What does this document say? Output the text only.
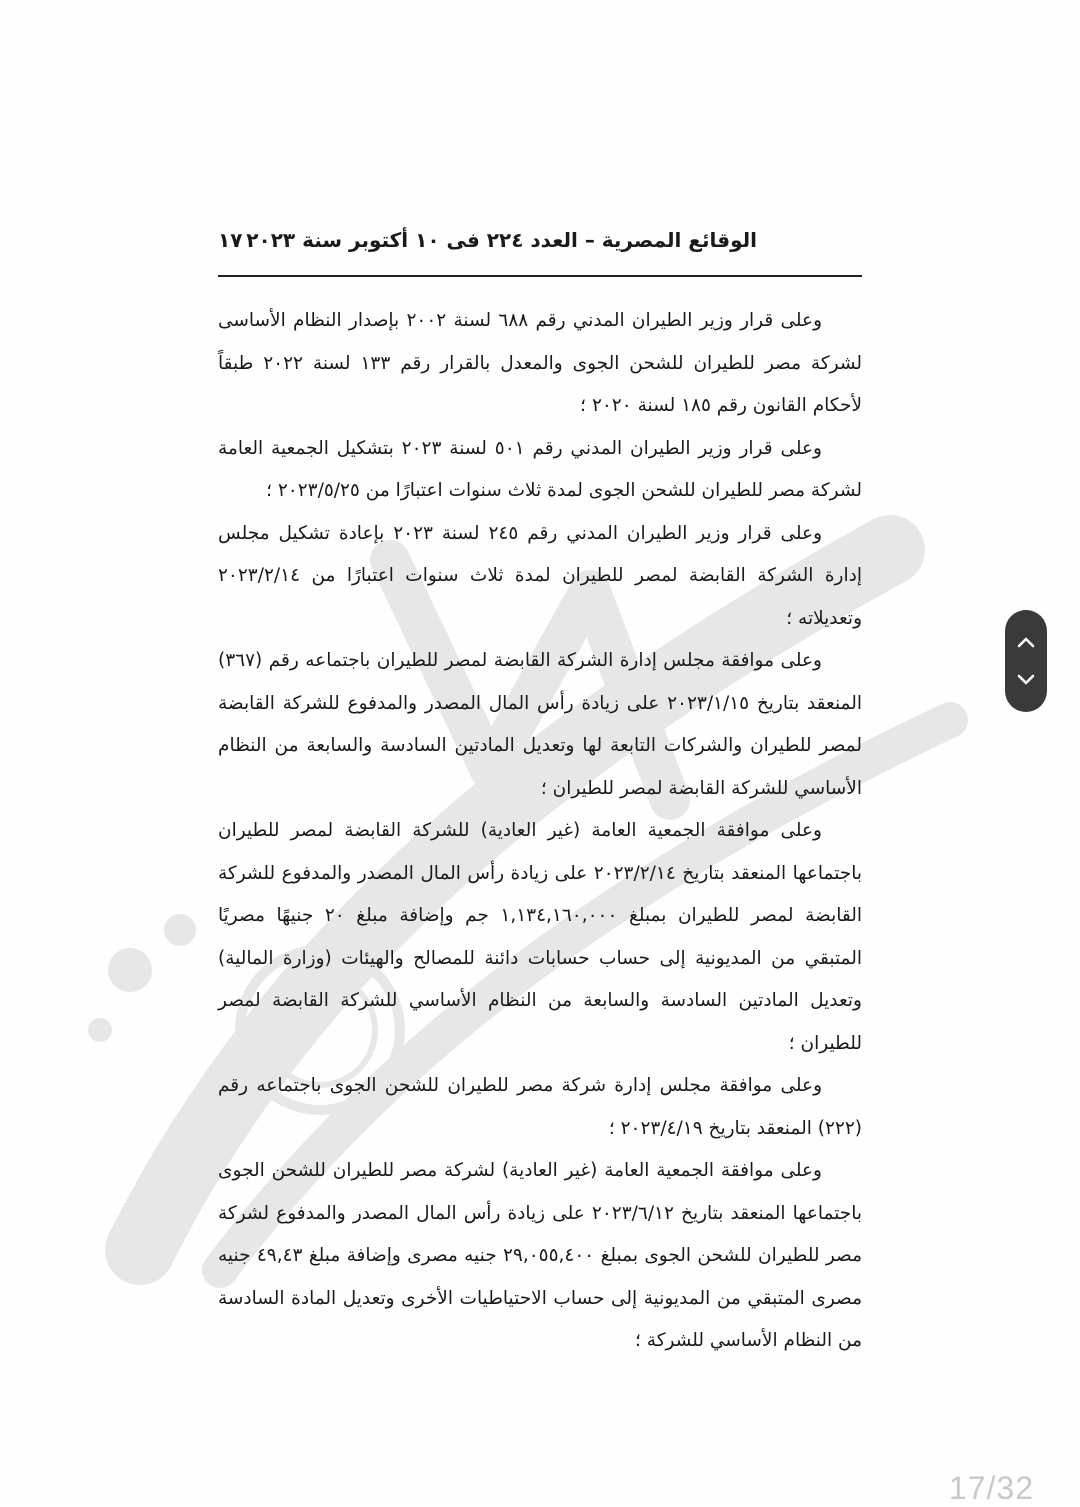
الوقائع المصرية – العدد ٢٢٤ فى ١٠ أكتوبر سنة ٢٠٢٣
١٧

وعلى قرار وزير الطيران المدني رقم ٦٨٨ لسنة ٢٠٠٢ بإصدار النظام الأساسى لشركة مصر للطيران للشحن الجوى والمعدل بالقرار رقم ١٣٣ لسنة ٢٠٢٢ طبقاً لأحكام القانون رقم ١٨٥ لسنة ٢٠٢٠ ؛

وعلى قرار وزير الطيران المدني رقم ٥٠١ لسنة ٢٠٢٣ بتشكيل الجمعية العامة لشركة مصر للطيران للشحن الجوى لمدة ثلاث سنوات اعتبارًا من ٢٠٢٣/٥/٢٥ ؛

وعلى قرار وزير الطيران المدني رقم ٢٤٥ لسنة ٢٠٢٣ بإعادة تشكيل مجلس إدارة الشركة القابضة لمصر للطيران لمدة ثلاث سنوات اعتبارًا من ٢٠٢٣/٢/١٤ وتعديلاته ؛

وعلى موافقة مجلس إدارة الشركة القابضة لمصر للطيران باجتماعه رقم (٣٦٧) المنعقد بتاريخ ٢٠٢٣/١/١٥ على زيادة رأس المال المصدر والمدفوع للشركة القابضة لمصر للطيران والشركات التابعة لها وتعديل المادتين السادسة والسابعة من النظام الأساسي للشركة القابضة لمصر للطيران ؛

وعلى موافقة الجمعية العامة (غير العادية) للشركة القابضة لمصر للطيران باجتماعها المنعقد بتاريخ ٢٠٢٣/٢/١٤ على زيادة رأس المال المصدر والمدفوع للشركة القابضة لمصر للطيران بمبلغ ١,١٣٤,١٦٠,٠٠٠ جم وإضافة مبلغ ٢٠ جنيهًا مصريًا المتبقي من المديونية إلى حساب حسابات دائنة للمصالح والهيئات (وزارة المالية) وتعديل المادتين السادسة والسابعة من النظام الأساسي للشركة القابضة لمصر للطيران ؛

وعلى موافقة مجلس إدارة شركة مصر للطيران للشحن الجوى باجتماعه رقم (٢٢٢) المنعقد بتاريخ ٢٠٢٣/٤/١٩ ؛

وعلى موافقة الجمعية العامة (غير العادية) لشركة مصر للطيران للشحن الجوى باجتماعها المنعقد بتاريخ ٢٠٢٣/٦/١٢ على زيادة رأس المال المصدر والمدفوع لشركة مصر للطيران للشحن الجوى بمبلغ ٢٩,٠٥٥,٤٠٠ جنيه مصرى وإضافة مبلغ ٤٩,٤٣ جنيه مصرى المتبقي من المديونية إلى حساب الاحتياطيات الأخرى وتعديل المادة السادسة من النظام الأساسي للشركة ؛

17/32
